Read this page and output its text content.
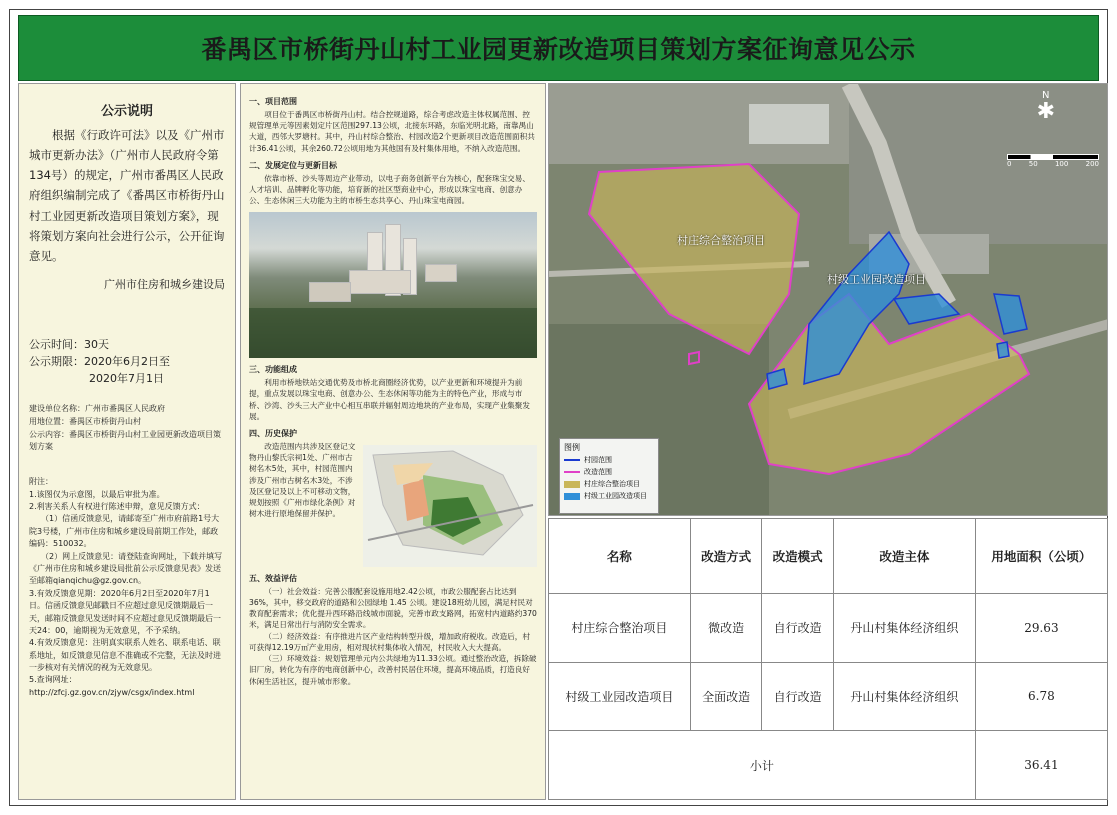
番禺区市桥街丹山村工业园更新改造项目策划方案征询意见公示
公示说明

根据《行政许可法》以及《广州市城市更新办法》（广州市人民政府令第134号）的规定，广州市番禺区人民政府组织编制完成了《番禺区市桥街丹山村工业园更新改造项目策划方案》，现将策划方案向社会进行公示，公开征询意见。

广州市住房和城乡建设局

公示时间：30天
公示期限：2020年6月2日至
2020年7月1日
建设单位名称：广州市番禺区人民政府
用地位置：番禺区市桥街丹山村
公示内容：番禺区市桥街丹山村工业园更新改造项目策划方案

附注：

1.该图仅为示意图，以最后审批为准。

2.利害关系人有权进行陈述申辩，意见反馈方式：

（1）信函反馈意见，请邮寄至广州市府前路1号大院3号楼，广州市住房和城乡建设局前期工作处，邮政编码：510032。

（2）网上反馈意见：请登陆查询网址，下载并填写《广州市住房和城乡建设局批前公示反馈意见表》发送至邮箱qianqichu@gz.gov.cn。

3.有效反馈意见期：2020年6月2日至2020年7月1日。信函反馈意见邮戳日不应超过意见反馈期最后一天，邮箱反馈意见发送时间不应超过意见反馈期最后一天24：00，逾期视为无效意见，不予采纳。

4.有效反馈意见：注明真实联系人姓名、联系电话、联系地址，如反馈意见信息不准确或不完整，无法及时进一步核对有关情况的视为无效意见。

5.查询网址：

http://zfcj.gz.gov.cn/zjyw/csgx/index.html

一、项目范围

项目位于番禺区市桥街丹山村。结合控规道路，综合考虑改造主体权属范围、控规管理单元等因素划定片区范围297.13公顷，北接东环路，东临光明北路，南靠禺山大道，西邻大罗塘村。其中，丹山村综合整治、村园改造2个更新项目改造范围面积共计36.41公顷，其余260.72公顷用地为其他国有及村集体用地，不纳入改造范围。

二、发展定位与更新目标

依靠市桥、沙头等周边产业带动，以电子商务创新平台为核心，配套珠宝交易、人才培训、品牌孵化等功能，培育新的社区型商业中心，形成以珠宝电商、创意办公、生态休闲三大功能为主的市桥生态共享心、丹山珠宝电商园。

三、功能组成

利用市桥地铁站交通优势及市桥北商圈经济优势，以产业更新和环境提升为前提，重点发展以珠宝电商、创意办公、生态休闲等功能为主的特色产业，形成与市桥、沙湾、沙头三大产业中心相互串联并辐射周边地块的产业布局，实现产业集聚发展。

四、历史保护

改造范围内共涉及区登记文物丹山黎氏宗祠1处、广州市古树名木5处，其中，村园范围内涉及广州市古树名木3处，不涉及区登记及以上不可移动文物，规划按照《广州市绿化条例》对树木进行原地保留并保护。

五、效益评估

（一）社会效益：完善公服配套设施用地2.42公顷，市政公服配套占比达到36%，其中，移交政府的道路和公园绿地 1.45 公顷。建设18班幼儿园，满足村民对教育配套需求；优化提升西环路沿线城市面貌，完善市政支路网，拓宽村内道路约370米，满足日常出行与消防安全需求。

（二）经济效益：有序推进片区产业结构转型升级，增加政府税收。改造后，村可获得12.19万㎡产业用房，相对现状村集体收入情况，村民收入大大提高。

（三）环境效益：规划管理单元内公共绿地为11.33公顷。通过整治改造，拆除破旧厂房，转化为有序的电商创新中心，改善村民居住环境，提高环境品质，打造良好休闲生活社区，提升城市形象。

村庄综合整治项目
村级工业园改造项目
N
✱
0 50 100 200
图例
村园范围
改造范围
村庄综合整治项目
村级工业园改造项目
名称	改造方式	改造模式	改造主体	用地面积（公顷）
村庄综合整治项目	微改造	自行改造	丹山村集体经济组织	29.63
村级工业园改造项目	全面改造	自行改造	丹山村集体经济组织	6.78
小计				36.41
